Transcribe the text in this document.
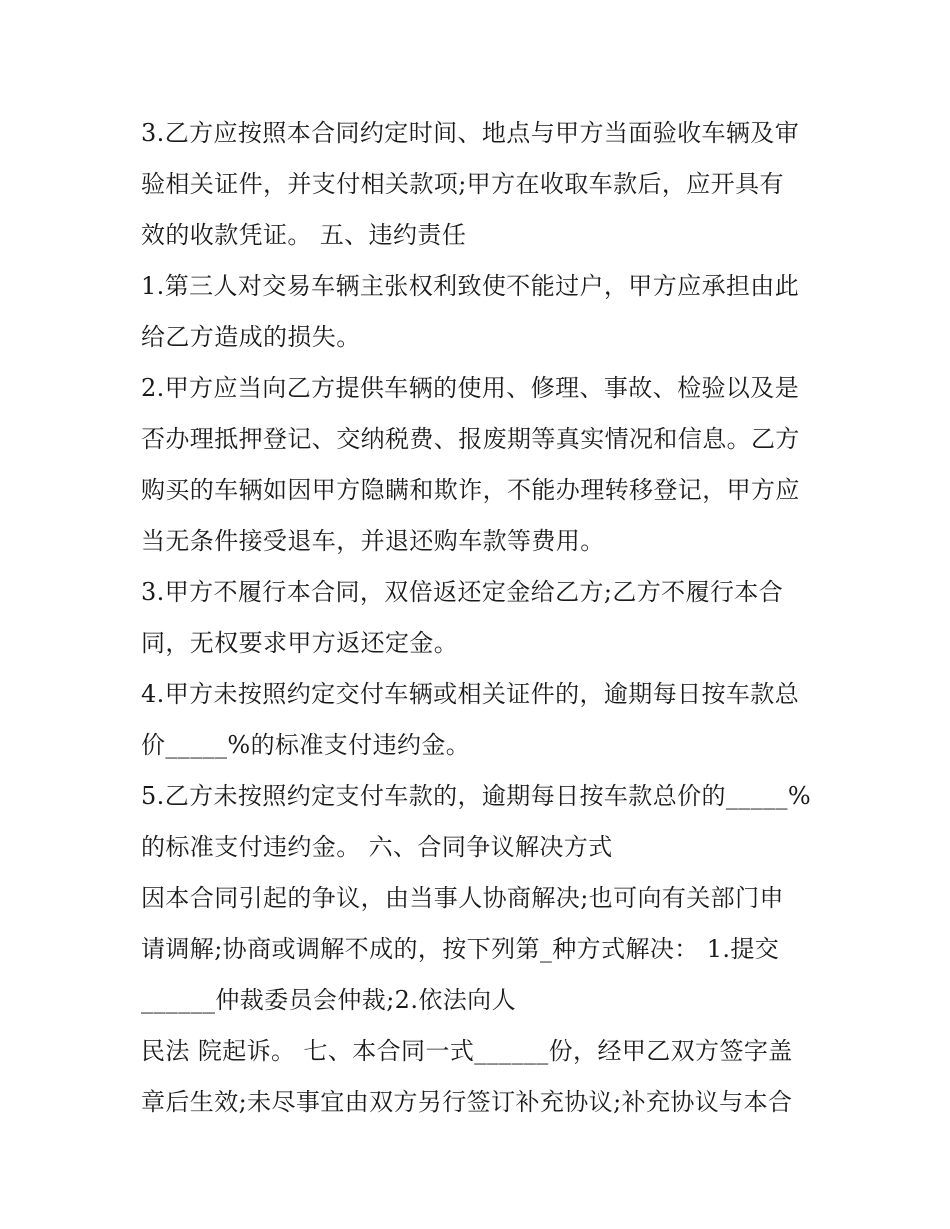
3.乙方应按照本合同约定时间、地点与甲方当面验收车辆及审
验相关证件，并支付相关款项;甲方在收取车款后，应开具有
效的收款凭证。 五、违约责任
1.第三人对交易车辆主张权利致使不能过户，甲方应承担由此
给乙方造成的损失。
2.甲方应当向乙方提供车辆的使用、修理、事故、检验以及是
否办理抵押登记、交纳税费、报废期等真实情况和信息。乙方
购买的车辆如因甲方隐瞒和欺诈，不能办理转移登记，甲方应
当无条件接受退车，并退还购车款等费用。
3.甲方不履行本合同，双倍返还定金给乙方;乙方不履行本合
同，无权要求甲方返还定金。
4.甲方未按照约定交付车辆或相关证件的，逾期每日按车款总
价_____%的标准支付违约金。
5.乙方未按照约定支付车款的，逾期每日按车款总价的_____%
的标准支付违约金。 六、合同争议解决方式
因本合同引起的争议，由当事人协商解决;也可向有关部门申
请调解;协商或调解不成的，按下列第_种方式解决： 1.提交
______仲裁委员会仲裁;2.依法向人
民法 院起诉。 七、本合同一式______份，经甲乙双方签字盖
章后生效;未尽事宜由双方另行签订补充协议;补充协议与本合
